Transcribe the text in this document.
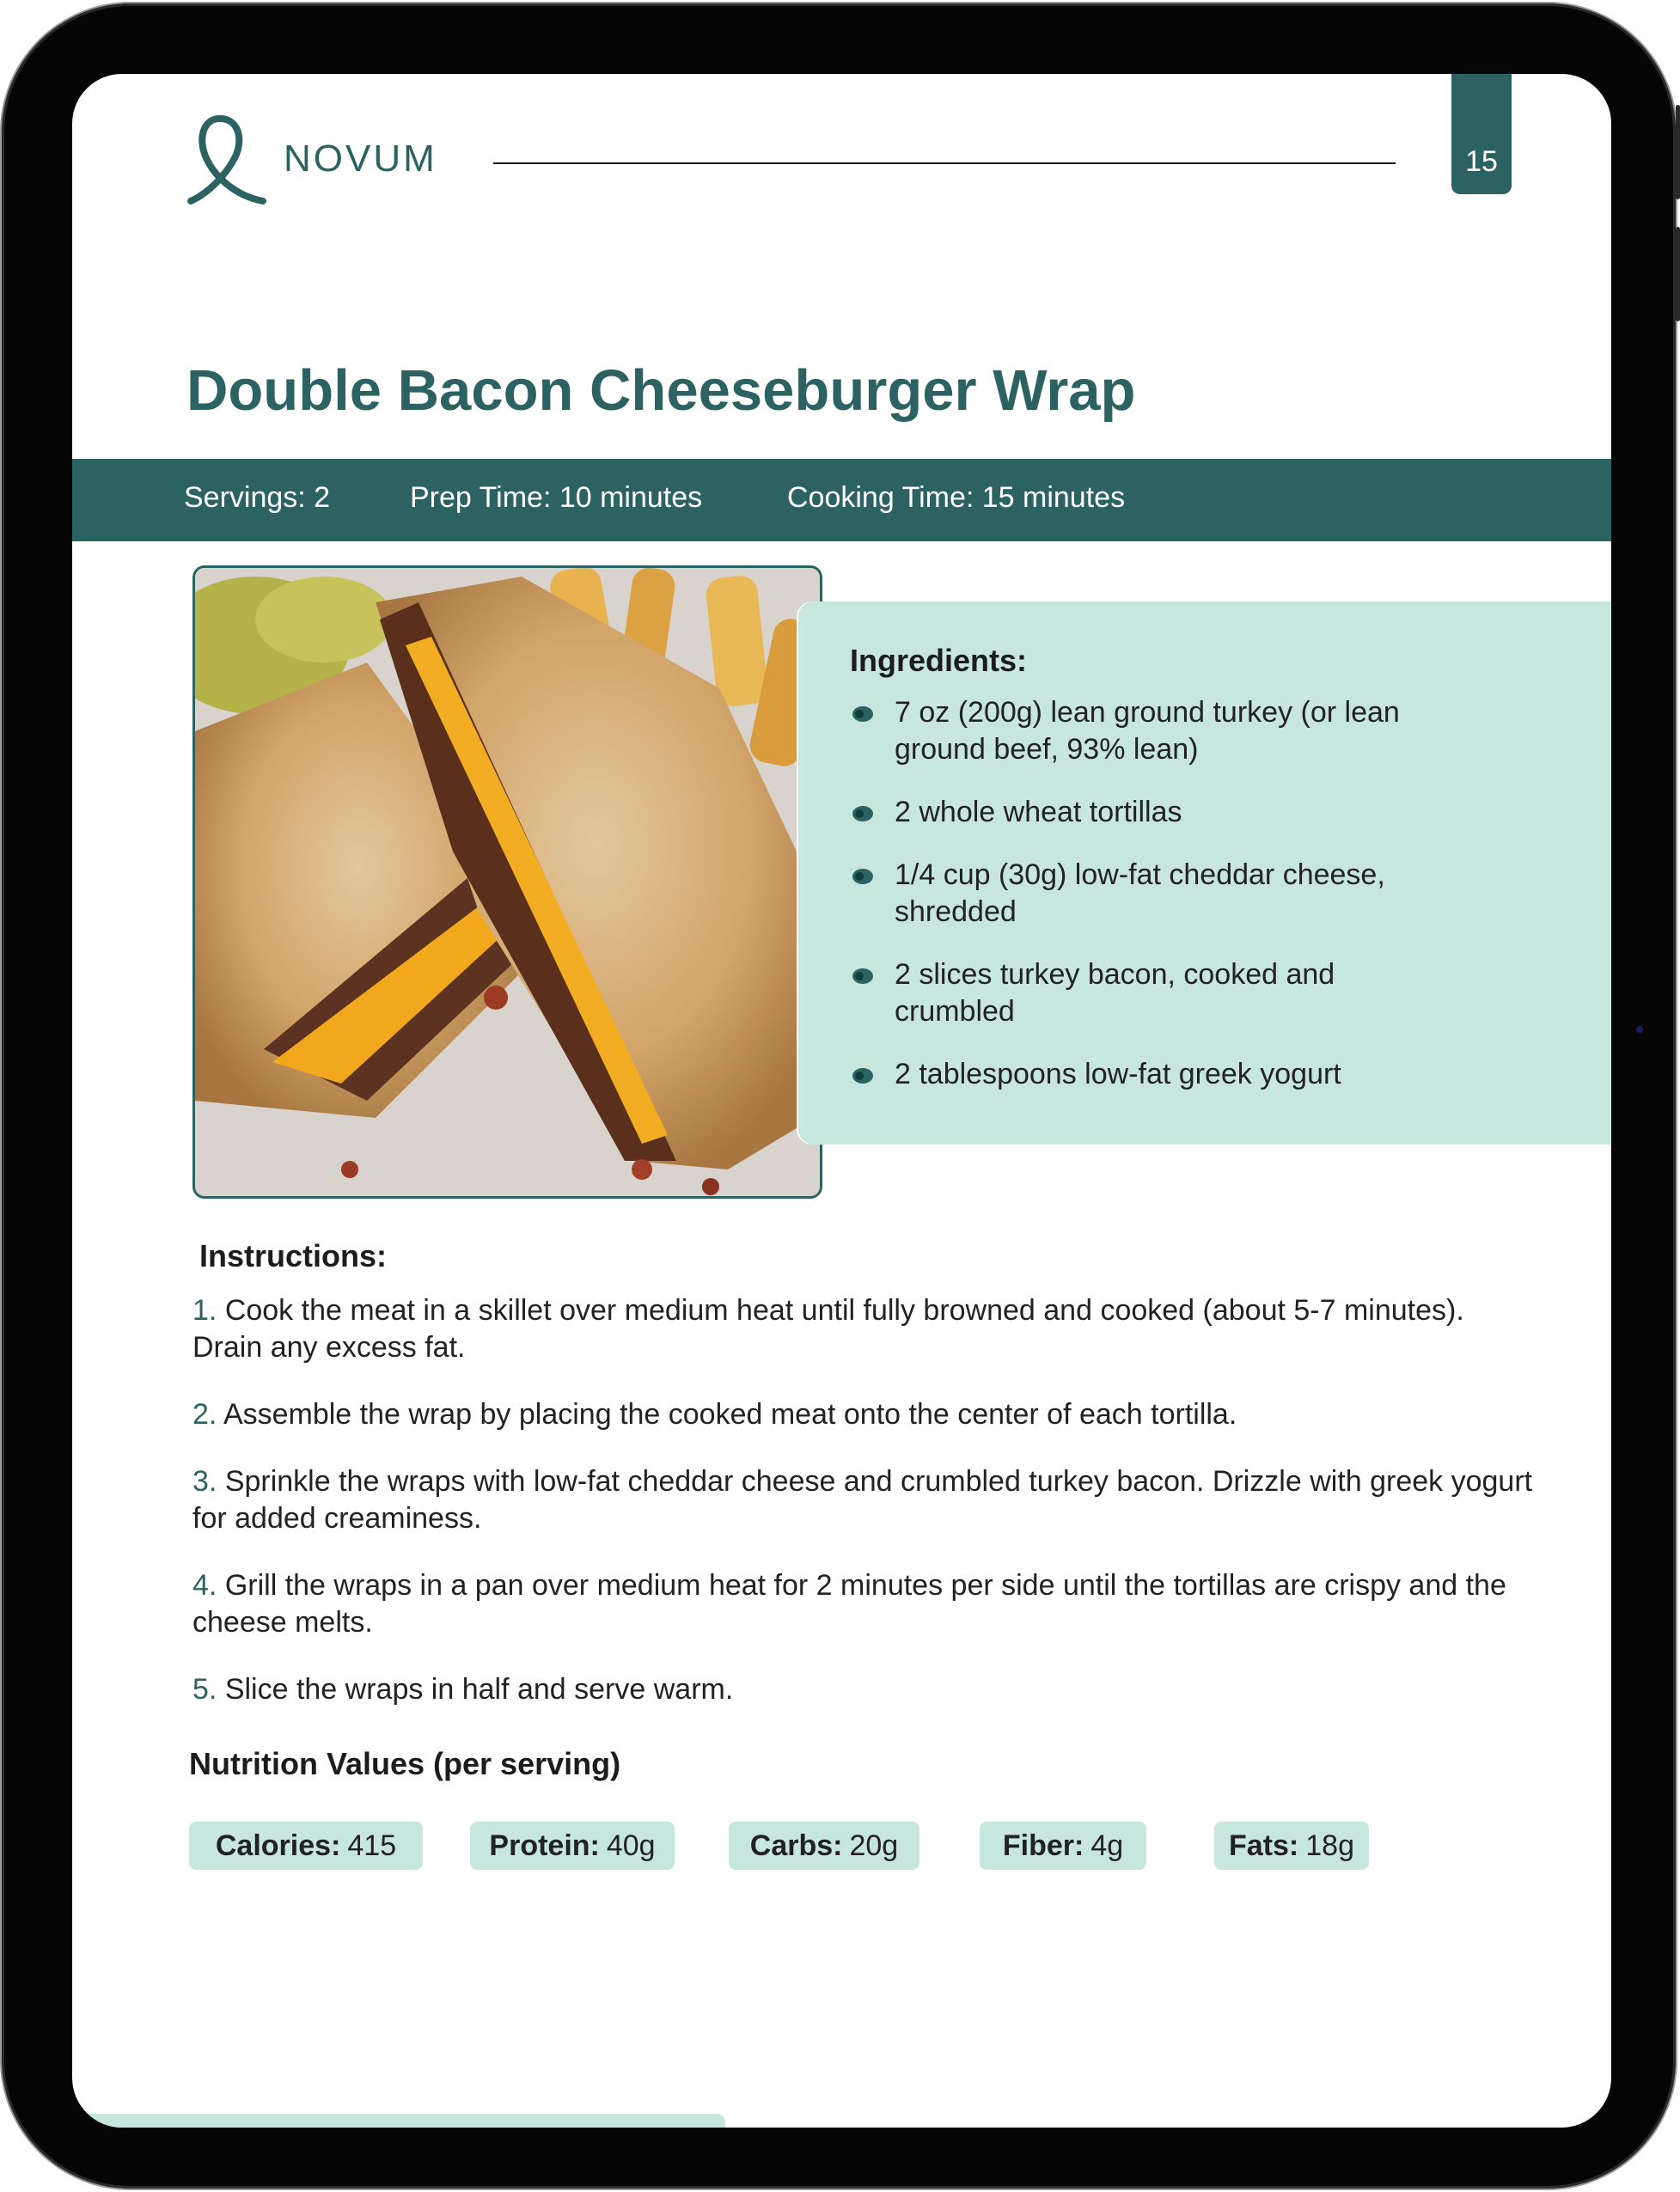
NOVUM	15
Double Bacon Cheeseburger Wrap
Servings: 2	Prep Time: 10 minutes	Cooking Time: 15 minutes
Ingredients:
7 oz (200g) lean ground turkey (or lean ground beef, 93% lean)
2 whole wheat tortillas
1/4 cup (30g) low-fat cheddar cheese, shredded
2 slices turkey bacon, cooked and crumbled
2 tablespoons low-fat greek yogurt
Instructions:
1. Cook the meat in a skillet over medium heat until fully browned and cooked (about 5-7 minutes). Drain any excess fat.
2. Assemble the wrap by placing the cooked meat onto the center of each tortilla.
3. Sprinkle the wraps with low-fat cheddar cheese and crumbled turkey bacon. Drizzle with greek yogurt for added creaminess.
4. Grill the wraps in a pan over medium heat for 2 minutes per side until the tortillas are crispy and the cheese melts.
5. Slice the wraps in half and serve warm.
Nutrition Values (per serving)
Calories: 415	Protein: 40g	Carbs: 20g	Fiber: 4g	Fats: 18g
